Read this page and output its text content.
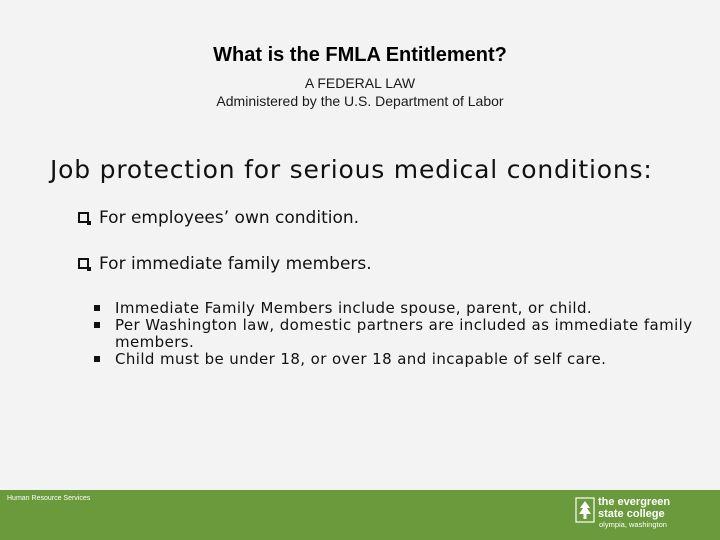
What is the FMLA Entitlement?
A FEDERAL LAW
Administered by the U.S. Department of Labor
Job protection for serious medical conditions:
For employees’ own condition.
For immediate family members.
Immediate Family Members include spouse, parent, or child.
Per Washington law, domestic partners are included as immediate family members.
Child must be under 18, or over 18 and incapable of self care.
Human Resource Services	the evergreen
state college
olympia, washington
